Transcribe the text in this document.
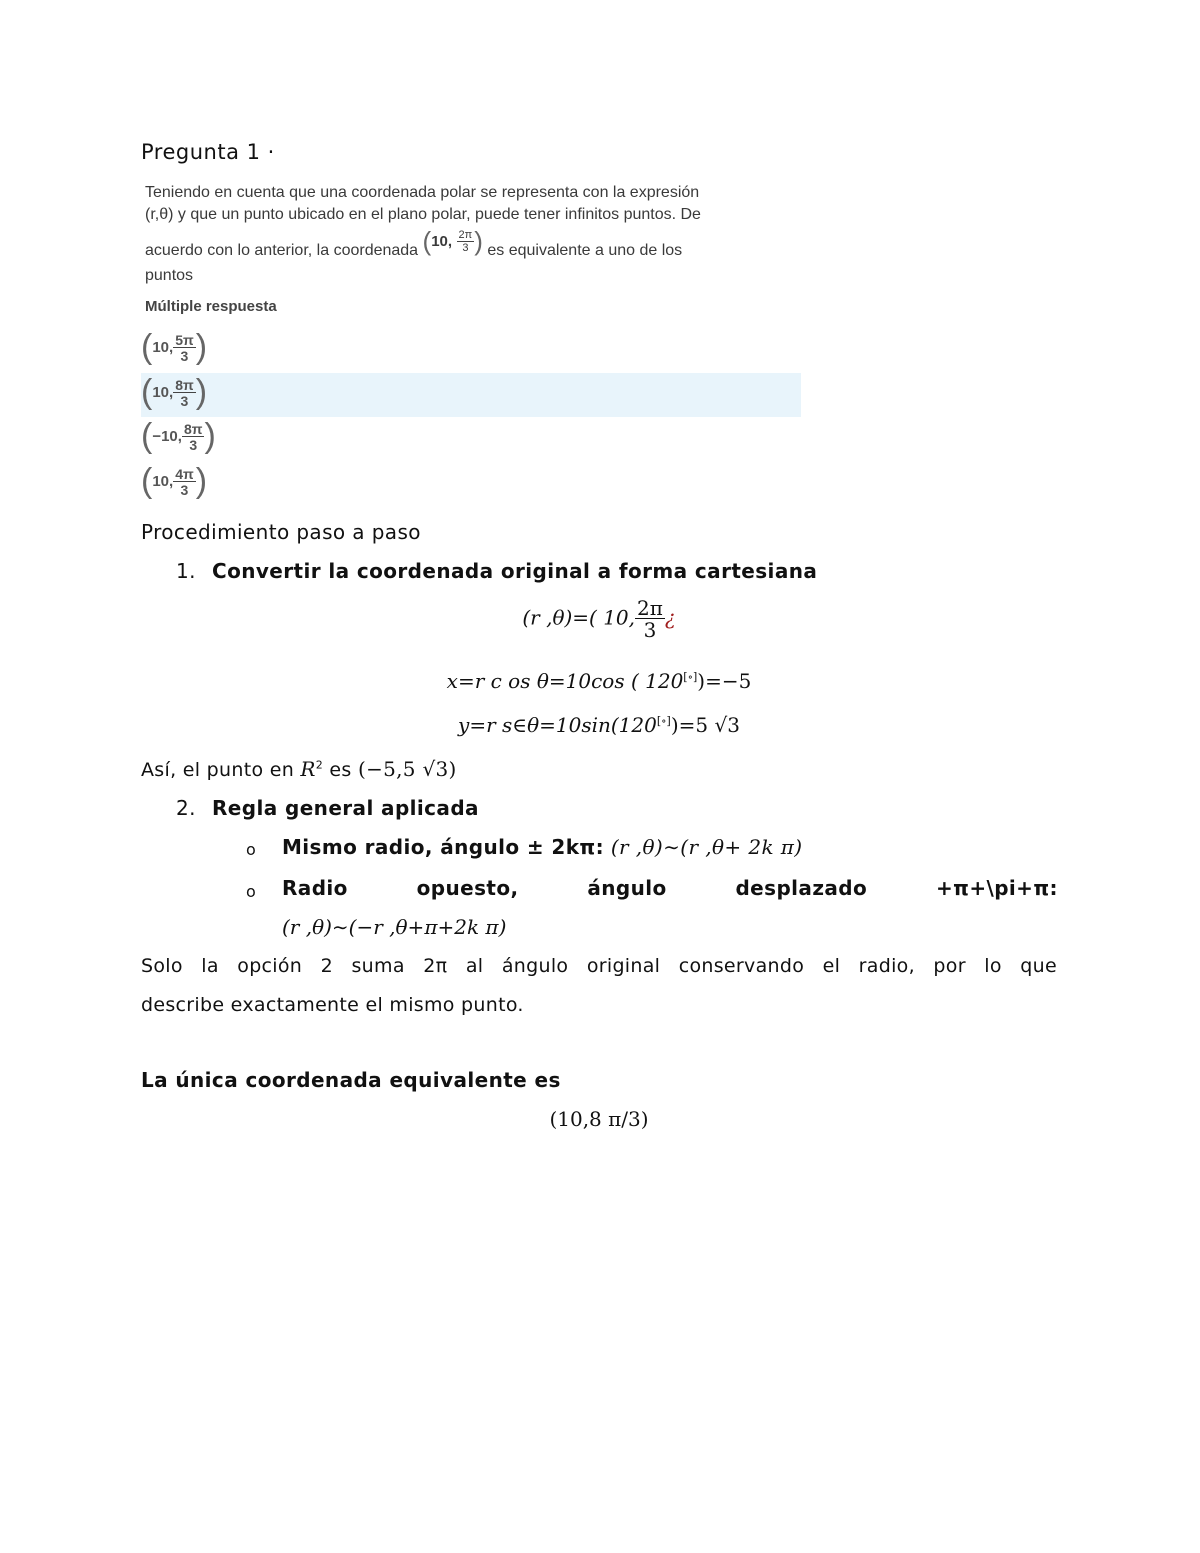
Pregunta 1 ·

Teniendo en cuenta que una coordenada polar se representa con la expresión

(r,θ) y que un punto ubicado en el plano polar, puede tener infinitos puntos. De

acuerdo con lo anterior, la coordenada (10, $\frac{2\pi}{3}$ ) es equivalente a uno de los

puntos

Múltiple respuesta
(10, $\frac{5\pi}{3}$ )
(10, $\frac{8\pi}{3}$ )
(−10, $\frac{8\pi}{3}$ )
(10, $\frac{4\pi}{3}$ )
Procedimiento paso a paso
1. Convertir la coordenada original a forma cartesiana
(r ,θ)=( 10, $\frac{2\pi}{3}$ ¿
x=r c os θ=10cos ( 120[∘])=−5
y=r s∈θ=10sin(120[∘])=5 √3
Así, el punto en $R^2$ es (−5,5 √3)
2. Regla general aplicada
o Mismo radio, ángulo ± 2kπ: (r ,θ)∼(r ,θ+ 2k π)
o Radio	opuesto,	ángulo	desplazado	+π+\pi+π:
(r ,θ)∼(−r ,θ+π+2k π)
Solo la opción 2 suma 2π al ángulo original conservando el radio, por lo que
describe exactamente el mismo punto.
La única coordenada equivalente es
(10,8 π/3)
